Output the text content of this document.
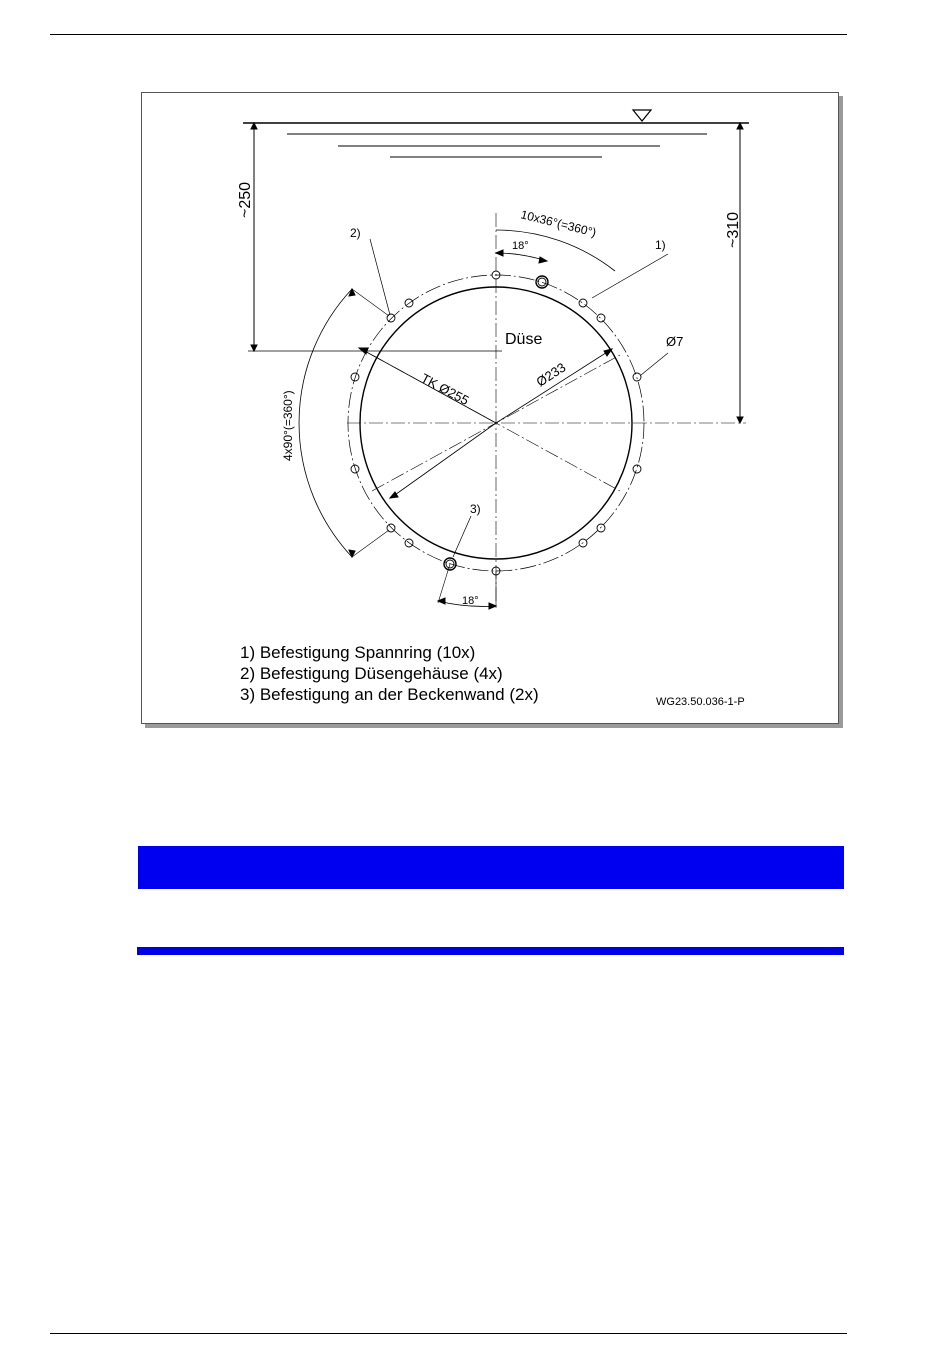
~250
~310
10x36°(=360°)
18°
18°
4x90°(=360°)
Düse
TK Ø255	Ø233
Ø7
1)
2)
3)
1) Befestigung Spannring (10x)
2) Befestigung Düsengehäuse (4x)
3) Befestigung an der Beckenwand (2x)	WG23.50.036-1-P
